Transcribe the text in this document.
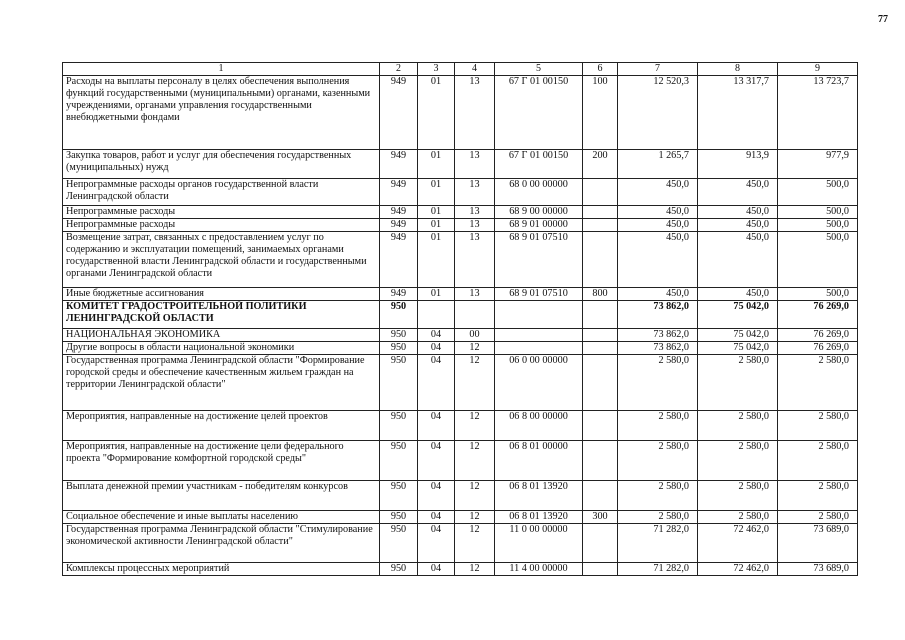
77
1	2	3	4	5	6	7	8	9
Расходы на выплаты персоналу в целях обеспечения выполнения функций государственными (муниципальными) органами, казенными учреждениями, органами управления государственными внебюджетными фондами	949	01	13	67 Г 01 00150	100	12 520,3	13 317,7	13 723,7
Закупка товаров, работ и услуг для обеспечения государственных (муниципальных) нужд	949	01	13	67 Г 01 00150	200	1 265,7	913,9	977,9
Непрограммные расходы органов государственной власти Ленинградской области	949	01	13	68 0 00 00000		450,0	450,0	500,0
Непрограммные расходы	949	01	13	68 9 00 00000		450,0	450,0	500,0
Непрограммные расходы	949	01	13	68 9 01 00000		450,0	450,0	500,0
Возмещение затрат, связанных с предоставлением услуг по содержанию и эксплуатации помещений, занимаемых органами государственной власти Ленинградской области и государственными органами Ленинградской области	949	01	13	68 9 01 07510		450,0	450,0	500,0
Иные бюджетные ассигнования	949	01	13	68 9 01 07510	800	450,0	450,0	500,0
КОМИТЕТ ГРАДОСТРОИТЕЛЬНОЙ ПОЛИТИКИ ЛЕНИНГРАДСКОЙ ОБЛАСТИ	950					73 862,0	75 042,0	76 269,0
НАЦИОНАЛЬНАЯ ЭКОНОМИКА	950	04	00			73 862,0	75 042,0	76 269,0
Другие вопросы в области национальной экономики	950	04	12			73 862,0	75 042,0	76 269,0
Государственная программа Ленинградской области "Формирование городской среды и обеспечение качественным жильем граждан на территории Ленинградской области"	950	04	12	06 0 00 00000		2 580,0	2 580,0	2 580,0
Мероприятия, направленные на достижение целей проектов	950	04	12	06 8 00 00000		2 580,0	2 580,0	2 580,0
Мероприятия, направленные на достижение цели федерального проекта "Формирование комфортной городской среды"	950	04	12	06 8 01 00000		2 580,0	2 580,0	2 580,0
Выплата денежной премии участникам - победителям конкурсов	950	04	12	06 8 01 13920		2 580,0	2 580,0	2 580,0
Социальное обеспечение и иные выплаты населению	950	04	12	06 8 01 13920	300	2 580,0	2 580,0	2 580,0
Государственная программа Ленинградской области "Стимулирование экономической активности Ленинградской области"	950	04	12	11 0 00 00000		71 282,0	72 462,0	73 689,0
Комплексы процессных мероприятий	950	04	12	11 4 00 00000		71 282,0	72 462,0	73 689,0
